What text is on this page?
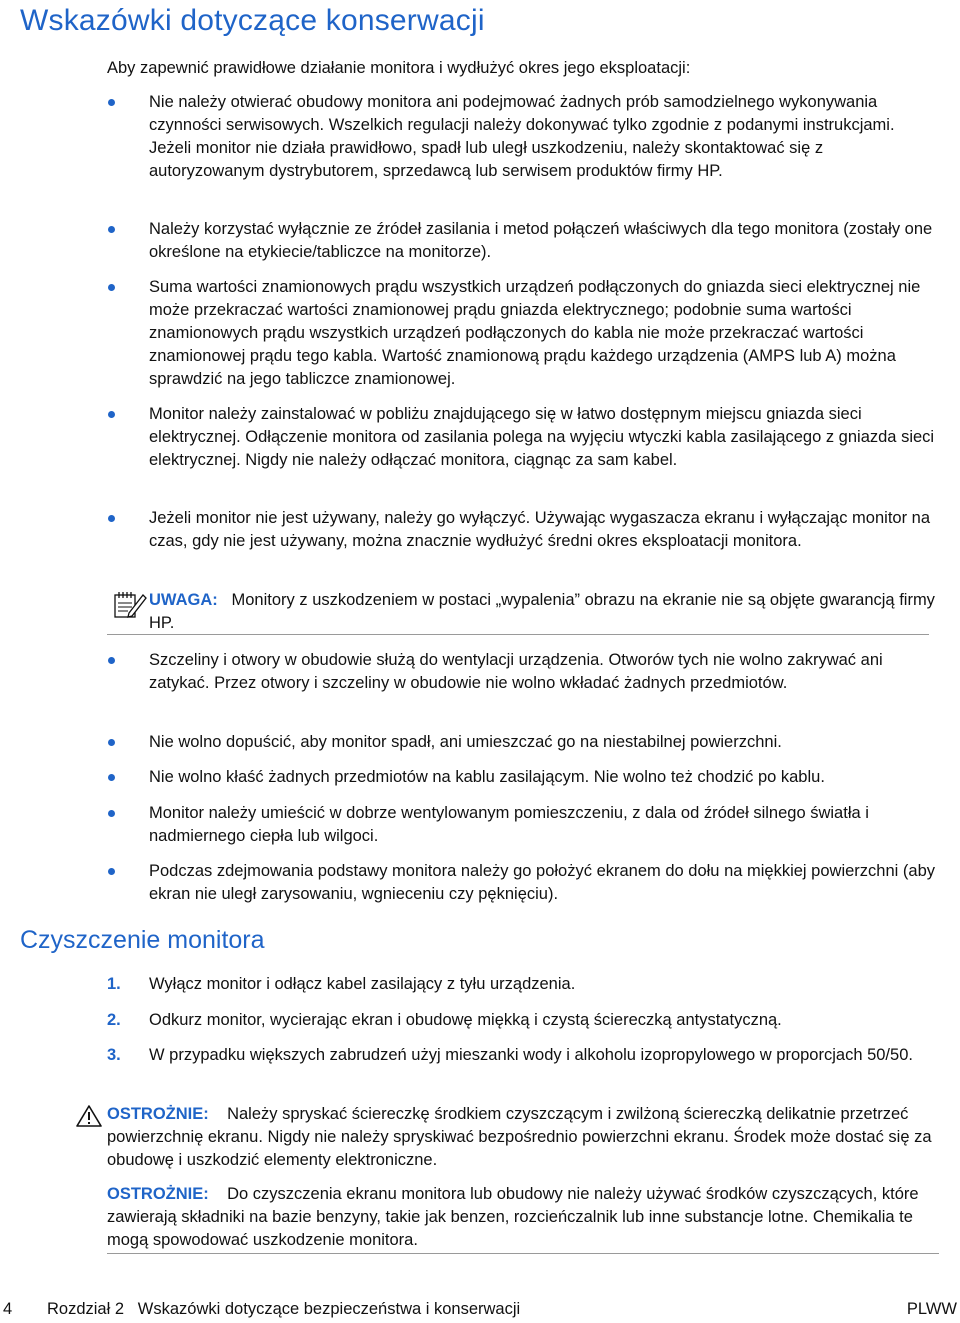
Wskazówki dotyczące konserwacji
Aby zapewnić prawidłowe działanie monitora i wydłużyć okres jego eksploatacji:
Nie należy otwierać obudowy monitora ani podejmować żadnych prób samodzielnego wykonywania czynności serwisowych. Wszelkich regulacji należy dokonywać tylko zgodnie z podanymi instrukcjami. Jeżeli monitor nie działa prawidłowo, spadł lub uległ uszkodzeniu, należy skontaktować się z autoryzowanym dystrybutorem, sprzedawcą lub serwisem produktów firmy HP.
Należy korzystać wyłącznie ze źródeł zasilania i metod połączeń właściwych dla tego monitora (zostały one określone na etykiecie/tabliczce na monitorze).
Suma wartości znamionowych prądu wszystkich urządzeń podłączonych do gniazda sieci elektrycznej nie może przekraczać wartości znamionowej prądu gniazda elektrycznego; podobnie suma wartości znamionowych prądu wszystkich urządzeń podłączonych do kabla nie może przekraczać wartości znamionowej prądu tego kabla. Wartość znamionową prądu każdego urządzenia (AMPS lub A) można sprawdzić na jego tabliczce znamionowej.
Monitor należy zainstalować w pobliżu znajdującego się w łatwo dostępnym miejscu gniazda sieci elektrycznej. Odłączenie monitora od zasilania polega na wyjęciu wtyczki kabla zasilającego z gniazda sieci elektrycznej. Nigdy nie należy odłączać monitora, ciągnąc za sam kabel.
Jeżeli monitor nie jest używany, należy go wyłączyć. Używając wygaszacza ekranu i wyłączając monitor na czas, gdy nie jest używany, można znacznie wydłużyć średni okres eksploatacji monitora.
UWAGA: Monitory z uszkodzeniem w postaci „wypalenia” obrazu na ekranie nie są objęte gwarancją firmy HP.
Szczeliny i otwory w obudowie służą do wentylacji urządzenia. Otworów tych nie wolno zakrywać ani zatykać. Przez otwory i szczeliny w obudowie nie wolno wkładać żadnych przedmiotów.
Nie wolno dopuścić, aby monitor spadł, ani umieszczać go na niestabilnej powierzchni.
Nie wolno kłaść żadnych przedmiotów na kablu zasilającym. Nie wolno też chodzić po kablu.
Monitor należy umieścić w dobrze wentylowanym pomieszczeniu, z dala od źródeł silnego światła i nadmiernego ciepła lub wilgoci.
Podczas zdejmowania podstawy monitora należy go położyć ekranem do dołu na miękkiej powierzchni (aby ekran nie uległ zarysowaniu, wgnieceniu czy pęknięciu).
Czyszczenie monitora
1. Wyłącz monitor i odłącz kabel zasilający z tyłu urządzenia.
2. Odkurz monitor, wycierając ekran i obudowę miękką i czystą ściereczką antystatyczną.
3. W przypadku większych zabrudzeń użyj mieszanki wody i alkoholu izopropylowego w proporcjach 50/50.
OSTROŻNIE: Należy spryskać ściereczkę środkiem czyszczącym i zwilżoną ściereczką delikatnie przetrzeć powierzchnię ekranu. Nigdy nie należy spryskiwać bezpośrednio powierzchni ekranu. Środek może dostać się za obudowę i uszkodzić elementy elektroniczne.
OSTROŻNIE: Do czyszczenia ekranu monitora lub obudowy nie należy używać środków czyszczących, które zawierają składniki na bazie benzyny, takie jak benzen, rozcieńczalnik lub inne substancje lotne. Chemikalia te mogą spowodować uszkodzenie monitora.
4 Rozdział 2   Wskazówki dotyczące bezpieczeństwa i konserwacji	PLWW
